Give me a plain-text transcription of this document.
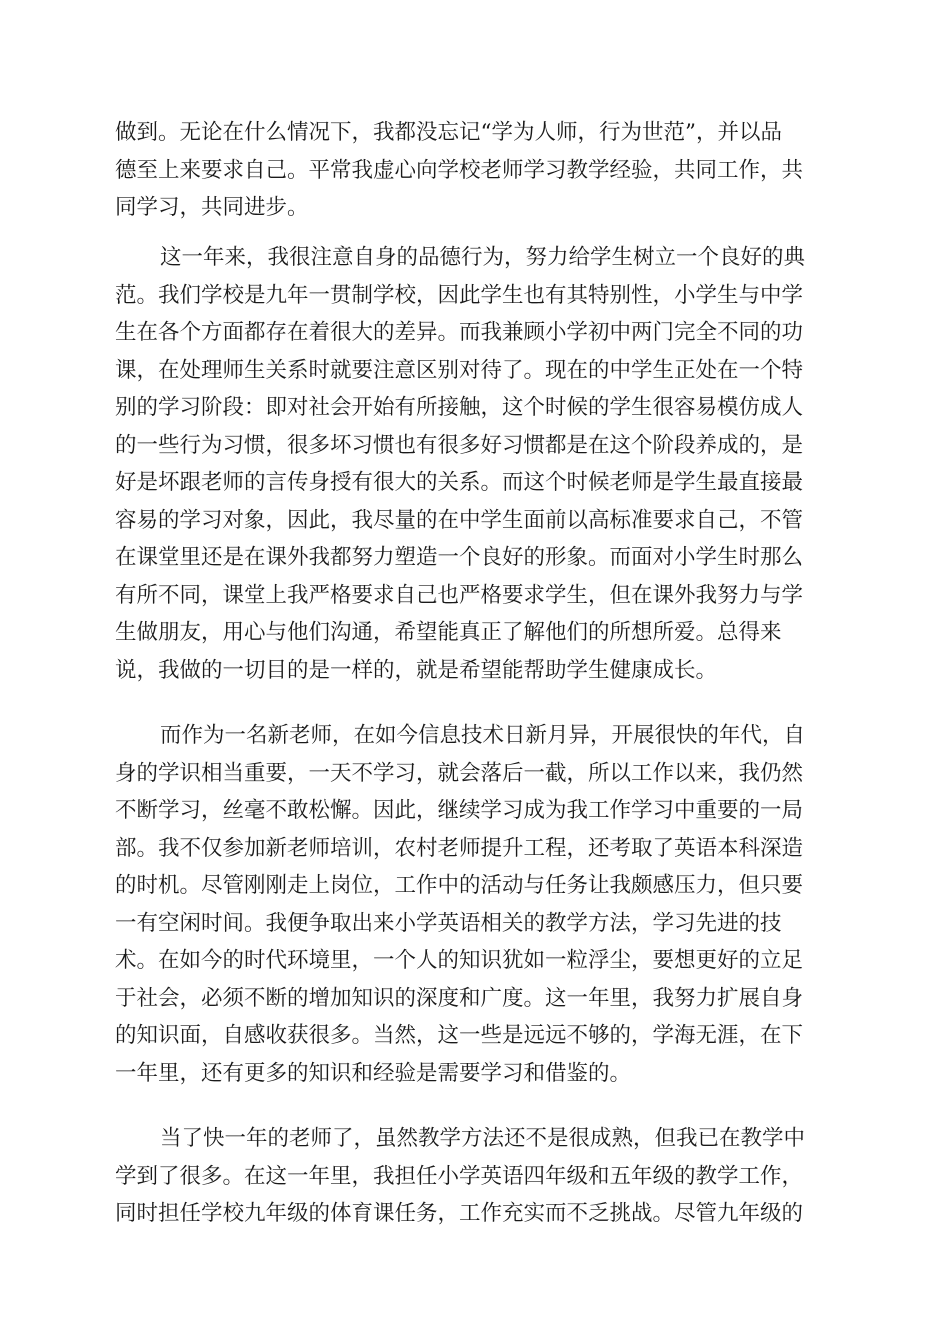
做到。无论在什么情况下，我都没忘记“学为人师，行为世范”，并以品
德至上来要求自己。平常我虚心向学校老师学习教学经验，共同工作，共
同学习，共同进步。
这一年来，我很注意自身的品德行为，努力给学生树立一个良好的典
范。我们学校是九年一贯制学校，因此学生也有其特别性，小学生与中学
生在各个方面都存在着很大的差异。而我兼顾小学初中两门完全不同的功
课，在处理师生关系时就要注意区别对待了。现在的中学生正处在一个特
别的学习阶段：即对社会开始有所接触，这个时候的学生很容易模仿成人
的一些行为习惯，很多坏习惯也有很多好习惯都是在这个阶段养成的，是
好是坏跟老师的言传身授有很大的关系。而这个时候老师是学生最直接最
容易的学习对象，因此，我尽量的在中学生面前以高标准要求自己，不管
在课堂里还是在课外我都努力塑造一个良好的形象。而面对小学生时那么
有所不同，课堂上我严格要求自己也严格要求学生，但在课外我努力与学
生做朋友，用心与他们沟通，希望能真正了解他们的所想所爱。总得来
说，我做的一切目的是一样的，就是希望能帮助学生健康成长。
而作为一名新老师，在如今信息技术日新月异，开展很快的年代，自
身的学识相当重要，一天不学习，就会落后一截，所以工作以来，我仍然
不断学习，丝毫不敢松懈。因此，继续学习成为我工作学习中重要的一局
部。我不仅参加新老师培训，农村老师提升工程，还考取了英语本科深造
的时机。尽管刚刚走上岗位，工作中的活动与任务让我颇感压力，但只要
一有空闲时间。我便争取出来小学英语相关的教学方法，学习先进的技
术。在如今的时代环境里，一个人的知识犹如一粒浮尘，要想更好的立足
于社会，必须不断的增加知识的深度和广度。这一年里，我努力扩展自身
的知识面，自感收获很多。当然，这一些是远远不够的，学海无涯，在下
一年里，还有更多的知识和经验是需要学习和借鉴的。
当了快一年的老师了，虽然教学方法还不是很成熟，但我已在教学中
学到了很多。在这一年里，我担任小学英语四年级和五年级的教学工作，
同时担任学校九年级的体育课任务，工作充实而不乏挑战。尽管九年级的
